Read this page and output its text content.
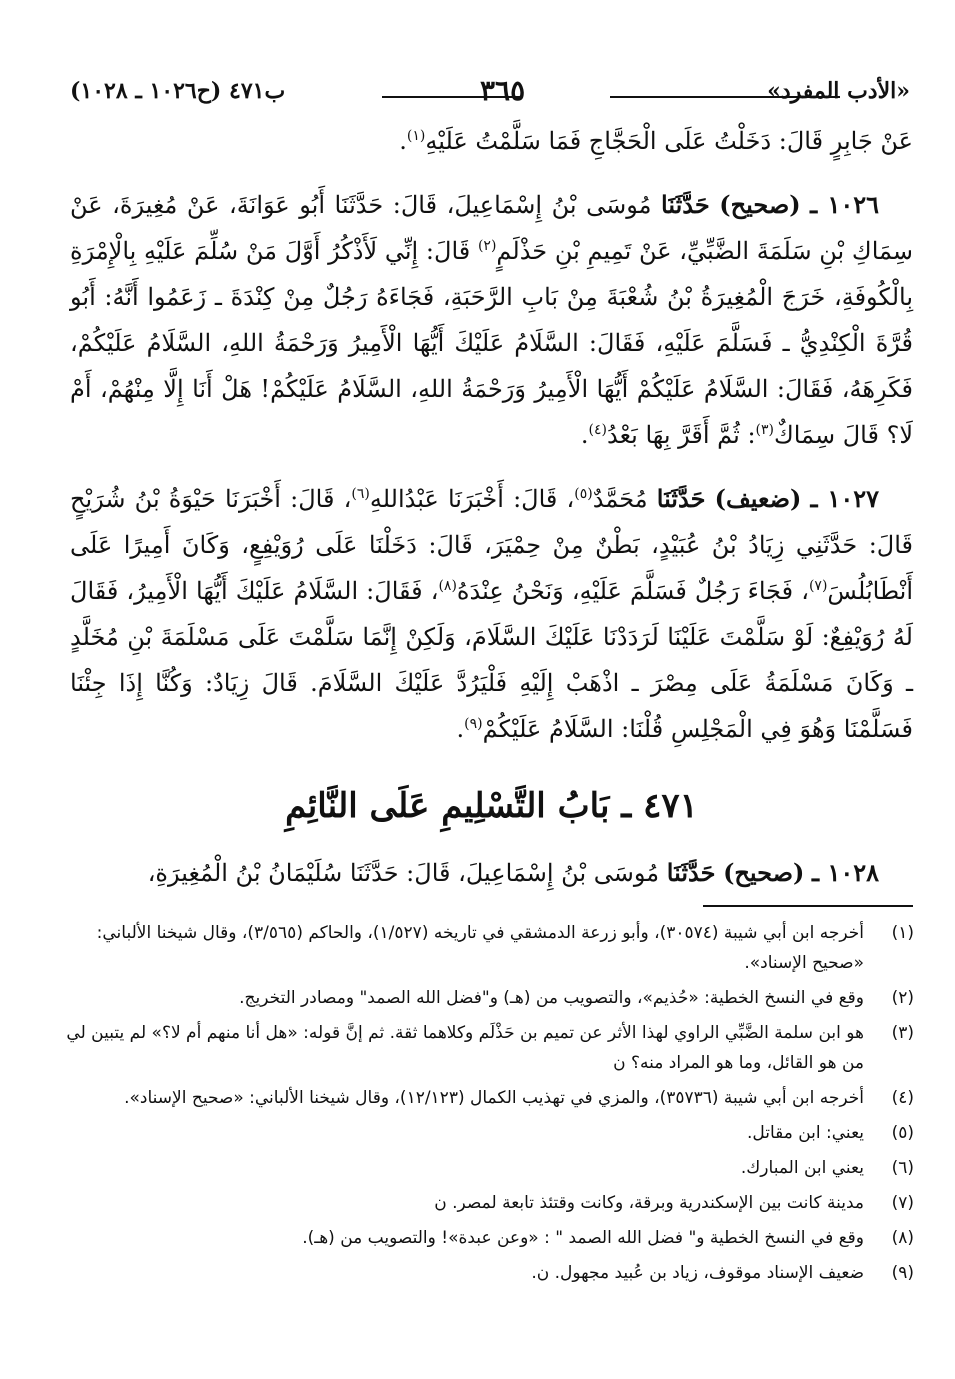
«الأدب المفرد»
٣٦٥
ب٤٧١ (ح١٠٢٦ ـ ١٠٢٨)

عَنْ جَابِرٍ قَالَ: دَخَلْتُ عَلَى الْحَجَّاجِ فَمَا سَلَّمْتُ عَلَيْهِ$^{(١)}$.

١٠٢٦ ـ (صحيح) حَدَّثَنَا مُوسَى بْنُ إِسْمَاعِيلَ، قَالَ: حَدَّثَنَا أَبُو عَوَانَةَ، عَنْ مُغِيرَةَ، عَنْ سِمَاكِ بْنِ سَلَمَةَ الضَّبِّيِّ، عَنْ تَمِيمِ بْنِ حَذْلَمٍ$^{(٢)}$ قَالَ: إِنِّي لَأَذْكُرُ أَوَّلَ مَنْ سُلِّمَ عَلَيْهِ بِالْإِمْرَةِ بِالْكُوفَةِ، خَرَجَ الْمُغِيرَةُ بْنُ شُعْبَةَ مِنْ بَابِ الرَّحَبَةِ، فَجَاءَهُ رَجُلٌ مِنْ كِنْدَةَ ـ زَعَمُوا أَنَّهُ: أَبُو قُرَّةَ الْكِنْدِيُّ ـ فَسَلَّمَ عَلَيْهِ، فَقَالَ: السَّلَامُ عَلَيْكَ أَيُّهَا الْأَمِيرُ وَرَحْمَةُ اللهِ، السَّلَامُ عَلَيْكُمْ، فَكَرِهَهُ، فَقَالَ: السَّلَامُ عَلَيْكُمْ أَيُّهَا الْأَمِيرُ وَرَحْمَةُ اللهِ، السَّلَامُ عَلَيْكُمْ! هَلْ أَنَا إِلَّا مِنْهُمْ، أَمْ لَا؟ قَالَ سِمَاكٌ$^{(٣)}$: ثُمَّ أَقَرَّ بِهَا بَعْدُ$^{(٤)}$.

١٠٢٧ ـ (ضعيف) حَدَّثَنَا مُحَمَّدٌ$^{(٥)}$، قَالَ: أَخْبَرَنَا عَبْدُاللهِ$^{(٦)}$، قَالَ: أَخْبَرَنَا حَيْوَةُ بْنُ شُرَيْحٍ قَالَ: حَدَّثَنِي زِيَادُ بْنُ عُبَيْدٍ، بَطْنٌ مِنْ حِمْيَرَ، قَالَ: دَخَلْنَا عَلَى رُوَيْفِعٍ، وَكَانَ أَمِيرًا عَلَى أَنْطَابُلُسَ$^{(٧)}$، فَجَاءَ رَجُلٌ فَسَلَّمَ عَلَيْهِ، وَنَحْنُ عِنْدَهُ$^{(٨)}$، فَقَالَ: السَّلَامُ عَلَيْكَ أَيُّهَا الْأَمِيرُ، فَقَالَ لَهُ رُوَيْفِعٌ: لَوْ سَلَّمْتَ عَلَيْنَا لَرَدَدْنَا عَلَيْكَ السَّلَامَ، وَلَكِنْ إِنَّمَا سَلَّمْتَ عَلَى مَسْلَمَةَ بْنِ مُخَلَّدٍ ـ وَكَانَ مَسْلَمَةُ عَلَى مِصْرَ ـ اذْهَبْ إِلَيْهِ فَلْيَرُدَّ عَلَيْكَ السَّلَامَ. قَالَ زِيَادٌ: وَكُنَّا إِذَا جِئْنَا فَسَلَّمْنَا وَهُوَ فِي الْمَجْلِسِ قُلْنَا: السَّلَامُ عَلَيْكُمْ$^{(٩)}$.

٤٧١ ـ بَابُ التَّسْلِيمِ عَلَى النَّائِمِ

١٠٢٨ ـ (صحيح) حَدَّثَنَا مُوسَى بْنُ إِسْمَاعِيلَ، قَالَ: حَدَّثَنَا سُلَيْمَانُ بْنُ الْمُغِيرَةِ،

(١)
أخرجه ابن أبي شيبة (٣٠٥٧٤)، وأبو زرعة الدمشقي في تاريخه (١/٥٢٧)، والحاكم (٣/٥٦٥)، وقال شيخنا الألباني: «صحيح الإسناد».
(٢)
وقع في النسخ الخطية: «حُذيم»، والتصويب من (هـ) و"فضل الله الصمد" ومصادر التخريج.
(٣)
هو ابن سلمة الضَّبِّي الراوي لهذا الأثر عن تميم بن حَذْلَم وكلاهما ثقة. ثم إنَّ قوله: «هل أنا منهم أم لا؟» لم يتبين لي من هو القائل، وما هو المراد منه؟ ن
(٤)
أخرجه ابن أبي شيبة (٣٥٧٣٦)، والمزي في تهذيب الكمال (١٢/١٢٣)، وقال شيخنا الألباني: «صحيح الإسناد».
(٥)
يعني: ابن مقاتل.
(٦)
يعني ابن المبارك.
(٧)
مدينة كانت بين الإسكندرية وبرقة، وكانت وقتئذ تابعة لمصر. ن
(٨)
وقع في النسخ الخطية و" فضل الله الصمد " : «وعن عبدة»! والتصويب من (هـ).
(٩)
ضعيف الإسناد موقوف، زياد بن عُبيد مجهول. ن.
